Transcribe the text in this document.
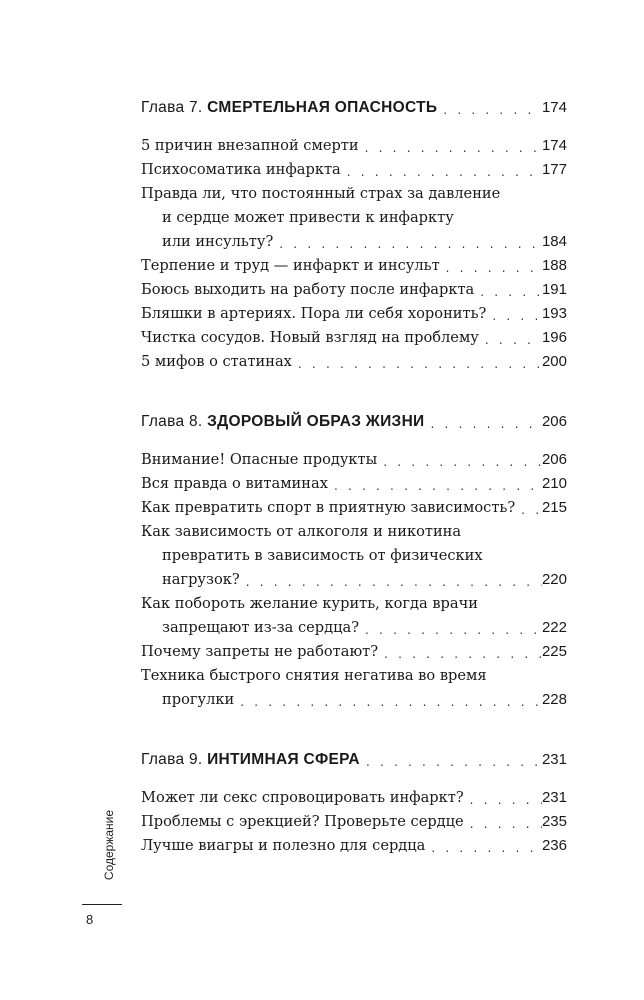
Глава 7. СМЕРТЕЛЬНАЯ ОПАСНОСТЬ . . .	174
5 причин внезапной смерти . . .	174
Психосоматика инфаркта . . .	177
Правда ли, что постоянный страх за давление
и сердце может привести к инфаркту
или инсульту? . . .	184
Терпение и труд — инфаркт и инсульт . . .	188
Боюсь выходить на работу после инфаркта . . .	191
Бляшки в артериях. Пора ли себя хоронить? . . .	193
Чистка сосудов. Новый взгляд на проблему . . .	196
5 мифов о статинах . . .	200
Глава 8. ЗДОРОВЫЙ ОБРАЗ ЖИЗНИ . . .	206
Внимание! Опасные продукты . . .	206
Вся правда о витаминах . . .	210
Как превратить спорт в приятную зависимость? . . .	215
Как зависимость от алкоголя и никотина
превратить в зависимость от физических
нагрузок? . . .	220
Как побороть желание курить, когда врачи
запрещают из-за сердца? . . .	222
Почему запреты не работают? . . .	225
Техника быстрого снятия негатива во время
прогулки . . .	228
Глава 9. ИНТИМНАЯ СФЕРА . . .	231
Может ли секс спровоцировать инфаркт? . . .	231
Проблемы с эрекцией? Проверьте сердце . . .	235
Лучше виагры и полезно для сердца . . .	236
Содержание
8
